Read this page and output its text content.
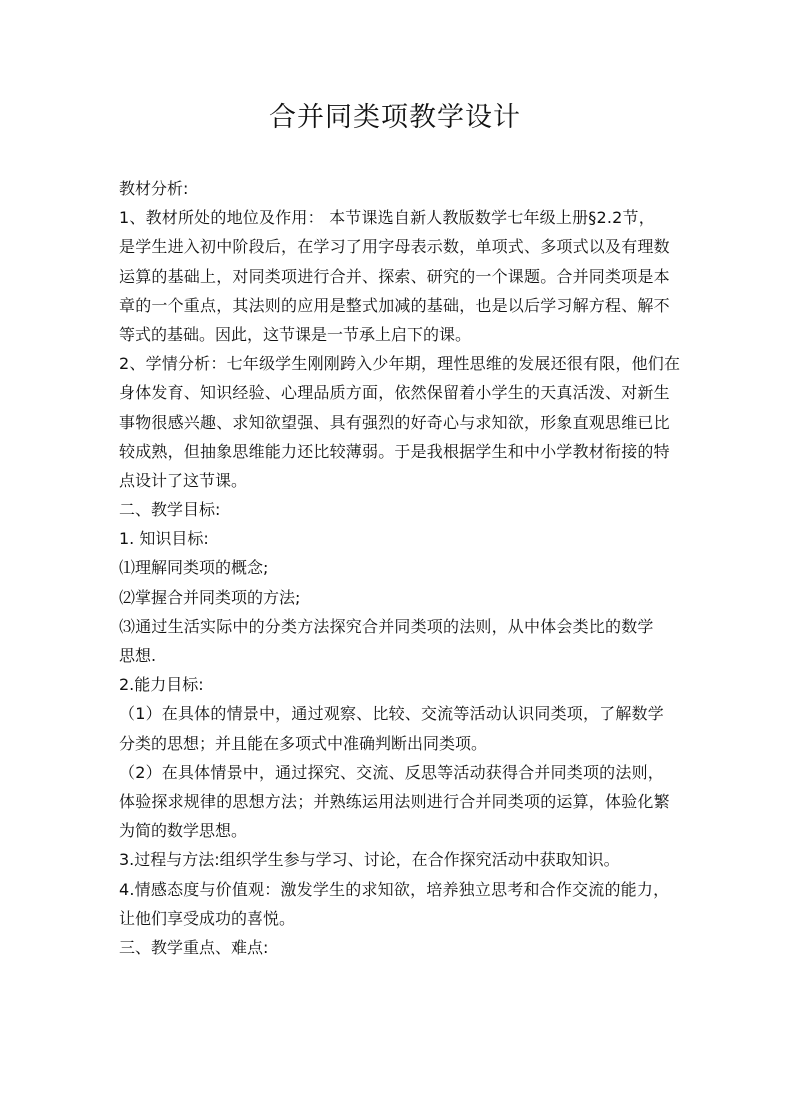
合并同类项教学设计
教材分析:
1、教材所处的地位及作用： 本节课选自新人教版数学七年级上册§2.2节，
是学生进入初中阶段后，在学习了用字母表示数，单项式、多项式以及有理数
运算的基础上，对同类项进行合并、探索、研究的一个课题。合并同类项是本
章的一个重点，其法则的应用是整式加减的基础，也是以后学习解方程、解不
等式的基础。因此，这节课是一节承上启下的课。
2、学情分析：七年级学生刚刚跨入少年期，理性思维的发展还很有限，他们在
身体发育、知识经验、心理品质方面，依然保留着小学生的天真活泼、对新生
事物很感兴趣、求知欲望强、具有强烈的好奇心与求知欲，形象直观思维已比
较成熟，但抽象思维能力还比较薄弱。于是我根据学生和中小学教材衔接的特
点设计了这节课。
二、教学目标:
1. 知识目标:
⑴理解同类项的概念;
⑵掌握合并同类项的方法;
⑶通过生活实际中的分类方法探究合并同类项的法则，从中体会类比的数学
思想.
2.能力目标:
（1）在具体的情景中，通过观察、比较、交流等活动认识同类项，了解数学
分类的思想；并且能在多项式中准确判断出同类项。
（2）在具体情景中，通过探究、交流、反思等活动获得合并同类项的法则，
体验探求规律的思想方法；并熟练运用法则进行合并同类项的运算，体验化繁
为简的数学思想。
3.过程与方法:组织学生参与学习、讨论，在合作探究活动中获取知识。
4.情感态度与价值观：激发学生的求知欲，培养独立思考和合作交流的能力，
让他们享受成功的喜悦。
三、教学重点、难点:
